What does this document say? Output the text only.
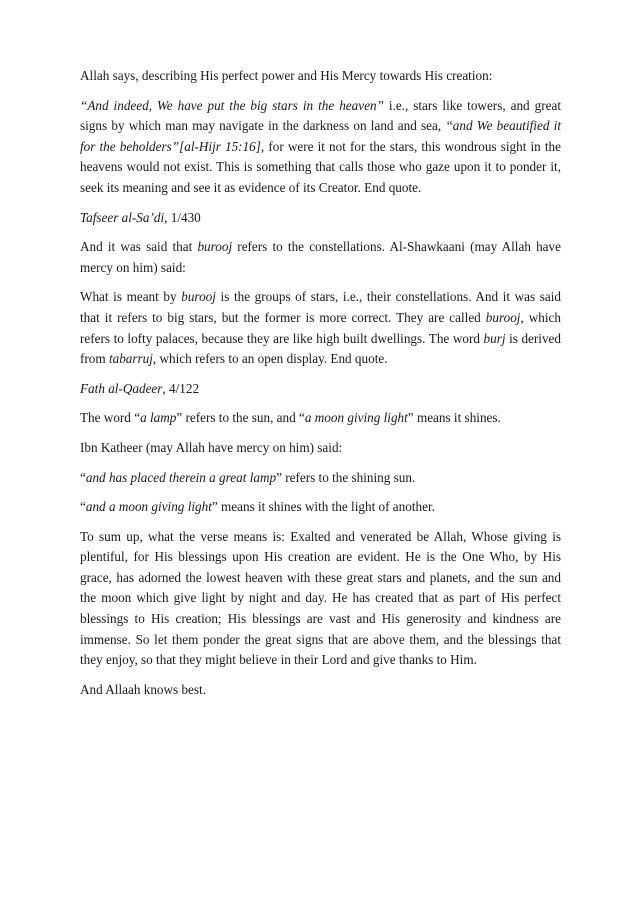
Allah says, describing His perfect power and His Mercy towards His creation:

“And indeed, We have put the big stars in the heaven” i.e., stars like towers, and great signs by which man may navigate in the darkness on land and sea, “and We beautified it for the beholders”[al-Hijr 15:16], for were it not for the stars, this wondrous sight in the heavens would not exist. This is something that calls those who gaze upon it to ponder it, seek its meaning and see it as evidence of its Creator. End quote.

Tafseer al-Sa’di, 1/430

And it was said that burooj refers to the constellations. Al-Shawkaani (may Allah have mercy on him) said:

What is meant by burooj is the groups of stars, i.e., their constellations. And it was said that it refers to big stars, but the former is more correct. They are called burooj, which refers to lofty palaces, because they are like high built dwellings. The word burj is derived from tabarruj, which refers to an open display. End quote.

Fath al-Qadeer, 4/122

The word “a lamp” refers to the sun, and “a moon giving light” means it shines.

Ibn Katheer (may Allah have mercy on him) said:

“and has placed therein a great lamp” refers to the shining sun.

“and a moon giving light” means it shines with the light of another.

To sum up, what the verse means is: Exalted and venerated be Allah, Whose giving is plentiful, for His blessings upon His creation are evident. He is the One Who, by His grace, has adorned the lowest heaven with these great stars and planets, and the sun and the moon which give light by night and day. He has created that as part of His perfect blessings to His creation; His blessings are vast and His generosity and kindness are immense. So let them ponder the great signs that are above them, and the blessings that they enjoy, so that they might believe in their Lord and give thanks to Him.

And Allaah knows best.
